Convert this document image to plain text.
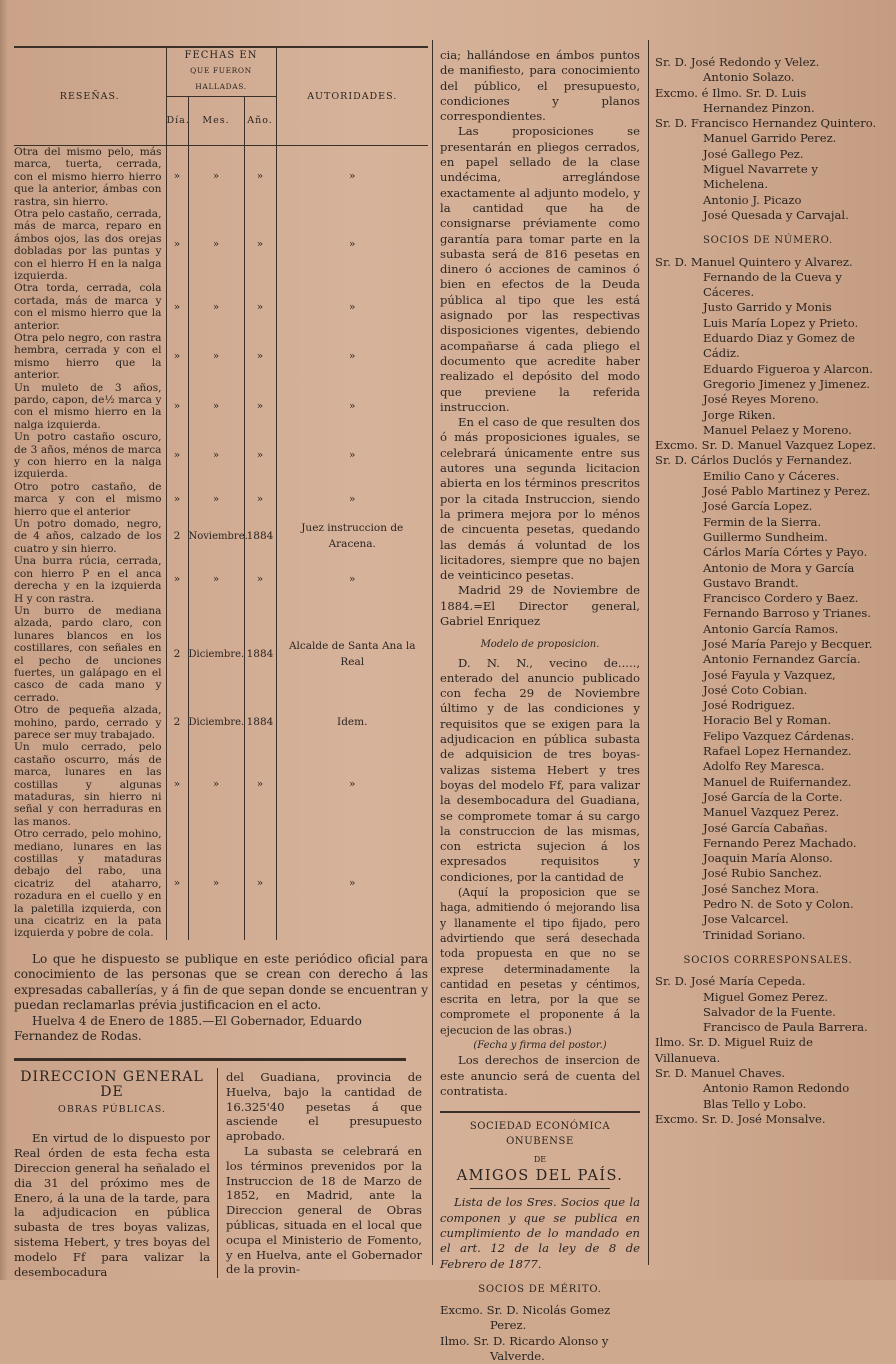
RESEÑAS.	FECHAS EN
QUE FUERON HALLADAS.			AUTORIDADES.
	Día.	Mes.	Año.	
Otra del mismo pelo, más marca, tuerta, cerrada, con el mismo hierro hierro que la anterior, ámbas con rastra, sin hierro.	»	»	»	»
Otra pelo castaño, cerrada, más de marca, reparo en ámbos ojos, las dos orejas dobladas por las puntas y con el hierro H en la nalga izquierda.	»	»	»	»
Otra torda, cerrada, cola cortada, más de marca y con el mismo hierro que la anterior.	»	»	»	»
Otra pelo negro, con rastra hembra, cerrada y con el mismo hierro que la anterior.	»	»	»	»
Un muleto de 3 años, pardo, capon, de½ marca y con el mismo hierro en la nalga izquierda.	»	»	»	»
Un potro castaño oscuro, de 3 años, ménos de marca y con hierro en la nalga izquierda.	»	»	»	»
Otro potro castaño, de marca y con el mismo hierro que el anterior	»	»	»	»
Un potro domado, negro, de 4 años, calzado de los cuatro y sin hierro.	2	Noviembre.	1884	Juez instruccion de Aracena.
Una burra rúcia, cerrada, con hierro P en el anca derecha y en la izquierda H y con rastra.	»	»	»	»
Un burro de mediana alzada, pardo claro, con lunares blancos en los costillares, con señales en el pecho de unciones fuertes, un galápago en el casco de cada mano y cerrado.	2	Diciembre.	1884	Alcalde de Santa Ana la Real
Otro de pequeña alzada, mohino, pardo, cerrado y parece ser muy trabajado.	2	Diciembre.	1884	Idem.
Un mulo cerrado, pelo castaño oscurro, más de marca, lunares en las costillas y algunas mataduras, sin hierro ni señal y con herraduras en las manos.	»	»	»	»
Otro cerrado, pelo mohino, mediano, lunares en las costillas y mataduras debajo del rabo, una cicatriz del ataharro, rozadura en el cuello y en la paletilla izquierda, con una cicatriz en la pata izquierda y pobre de cola.	»	»	»	»

Lo que he dispuesto se publique en este periódico oficial para conocimiento de las personas que se crean con derecho á las expresadas caballerías, y á fin de que sepan donde se encuentran y puedan reclamarlas prévia justificacion en el acto.

Huelva 4 de Enero de 1885.—El Gobernador, Eduardo Fernandez de Rodas.

DIRECCION GENERAL DE
OBRAS PÚBLICAS.

En virtud de lo dispuesto por Real órden de esta fecha esta Direccion general ha señalado el dia 31 del próximo mes de Enero, á la una de la tarde, para la adjudicacion en pública subasta de tres boyas valizas, sistema Hebert, y tres boyas del modelo Ff para valizar la desembocadura

del Guadiana, provincia de Huelva, bajo la cantidad de 16.325'40 pesetas á que asciende el presupuesto aprobado.

La subasta se celebrará en los términos prevenidos por la Instruccion de 18 de Marzo de 1852, en Madrid, ante la Direccion general de Obras públicas, situada en el local que ocupa el Ministerio de Fomento, y en Huelva, ante el Gobernador de la provin-

cia; hallándose en ámbos puntos de manifiesto, para conocimiento del público, el presupuesto, condiciones y planos correspondientes.

Las proposiciones se presentarán en pliegos cerrados, en papel sellado de la clase undécima, arreglándose exactamente al adjunto modelo, y la cantidad que ha de consignarse préviamente como garantía para tomar parte en la subasta será de 816 pesetas en dinero ó acciones de caminos ó bien en efectos de la Deuda pública al tipo que les está asignado por las respectivas disposiciones vigentes, debiendo acompañarse á cada pliego el documento que acredite haber realizado el depósito del modo que previene la referida instruccion.

En el caso de que resulten dos ó más proposiciones iguales, se celebrará únicamente entre sus autores una segunda licitacion abierta en los términos prescritos por la citada Instruccion, siendo la primera mejora por lo ménos de cincuenta pesetas, quedando las demás á voluntad de los licitadores, siempre que no bajen de veinticinco pesetas.

Madrid 29 de Noviembre de 1884.=El Director general, Gabriel Enriquez

Modelo de proposicion.

D. N. N., vecino de....., enterado del anuncio publicado con fecha 29 de Noviembre último y de las condiciones y requisitos que se exigen para la adjudicacion en pública subasta de adquisicion de tres boyas-valizas sistema Hebert y tres boyas del modelo Ff, para valizar la desembocadura del Guadiana, se compromete tomar á su cargo la construccion de las mismas, con estricta sujecion á los expresados requisitos y condiciones, por la cantidad de

(Aquí la proposicion que se haga, admitiendo ó mejorando lisa y llanamente el tipo fijado, pero advirtiendo que será desechada toda propuesta en que no se exprese determinadamente la cantidad en pesetas y céntimos, escrita en letra, por la que se compromete el proponente á la ejecucion de las obras.)

(Fecha y firma del postor.)

Los derechos de insercion de este anuncio será de cuenta del contratista.

SOCIEDAD ECONÓMICA ONUBENSE
DE
AMIGOS DEL PAÍS.

Lista de los Sres. Socios que la componen y que se publica en cumplimiento de lo mandado en el art. 12 de la ley de 8 de Febrero de 1877.

SOCIOS DE MÉRITO.
Excmo. Sr. D. Nicolás Gomez
Perez.
Ilmo. Sr. D. Ricardo Alonso y
Valverde.
Sr. D. José Redondo y Velez.
Antonio Solazo.
Excmo. é Ilmo. Sr. D. Luis
Hernandez Pinzon.
Sr. D. Francisco Hernandez Quintero.
Manuel Garrido Perez.
José Gallego Pez.
Miguel Navarrete y Michelena.
Antonio J. Picazo
José Quesada y Carvajal.
SOCIOS DE NÚMERO.
Sr. D. Manuel Quintero y Alvarez.
Fernando de la Cueva y Cáceres.
Justo Garrido y Monis
Luis María Lopez y Prieto.
Eduardo Diaz y Gomez de Cádiz.
Eduardo Figueroa y Alarcon.
Gregorio Jimenez y Jimenez.
José Reyes Moreno.
Jorge Riken.
Manuel Pelaez y Moreno.
Excmo. Sr. D. Manuel Vazquez Lopez.
Sr. D. Cárlos Duclós y Fernandez.
Emilio Cano y Cáceres.
José Pablo Martinez y Perez.
José García Lopez.
Fermin de la Sierra.
Guillermo Sundheim.
Cárlos María Córtes y Payo.
Antonio de Mora y García
Gustavo Brandt.
Francisco Cordero y Baez.
Fernando Barroso y Trianes.
Antonio García Ramos.
José María Parejo y Becquer.
Antonio Fernandez García.
José Fayula y Vazquez,
José Coto Cobian.
José Rodriguez.
Horacio Bel y Roman.
Felipo Vazquez Cárdenas.
Rafael Lopez Hernandez.
Adolfo Rey Maresca.
Manuel de Ruifernandez.
José García de la Corte.
Manuel Vazquez Perez.
José García Cabañas.
Fernando Perez Machado.
Joaquin María Alonso.
José Rubio Sanchez.
José Sanchez Mora.
Pedro N. de Soto y Colon.
Jose Valcarcel.
Trinidad Soriano.
SOCIOS CORRESPONSALES.
Sr. D. José María Cepeda.
Miguel Gomez Perez.
Salvador de la Fuente.
Francisco de Paula Barrera.
Ilmo. Sr. D. Miguel Ruiz de Villanueva.
Sr. D. Manuel Chaves.
Antonio Ramon Redondo
Blas Tello y Lobo.
Excmo. Sr. D. José Monsalve.
